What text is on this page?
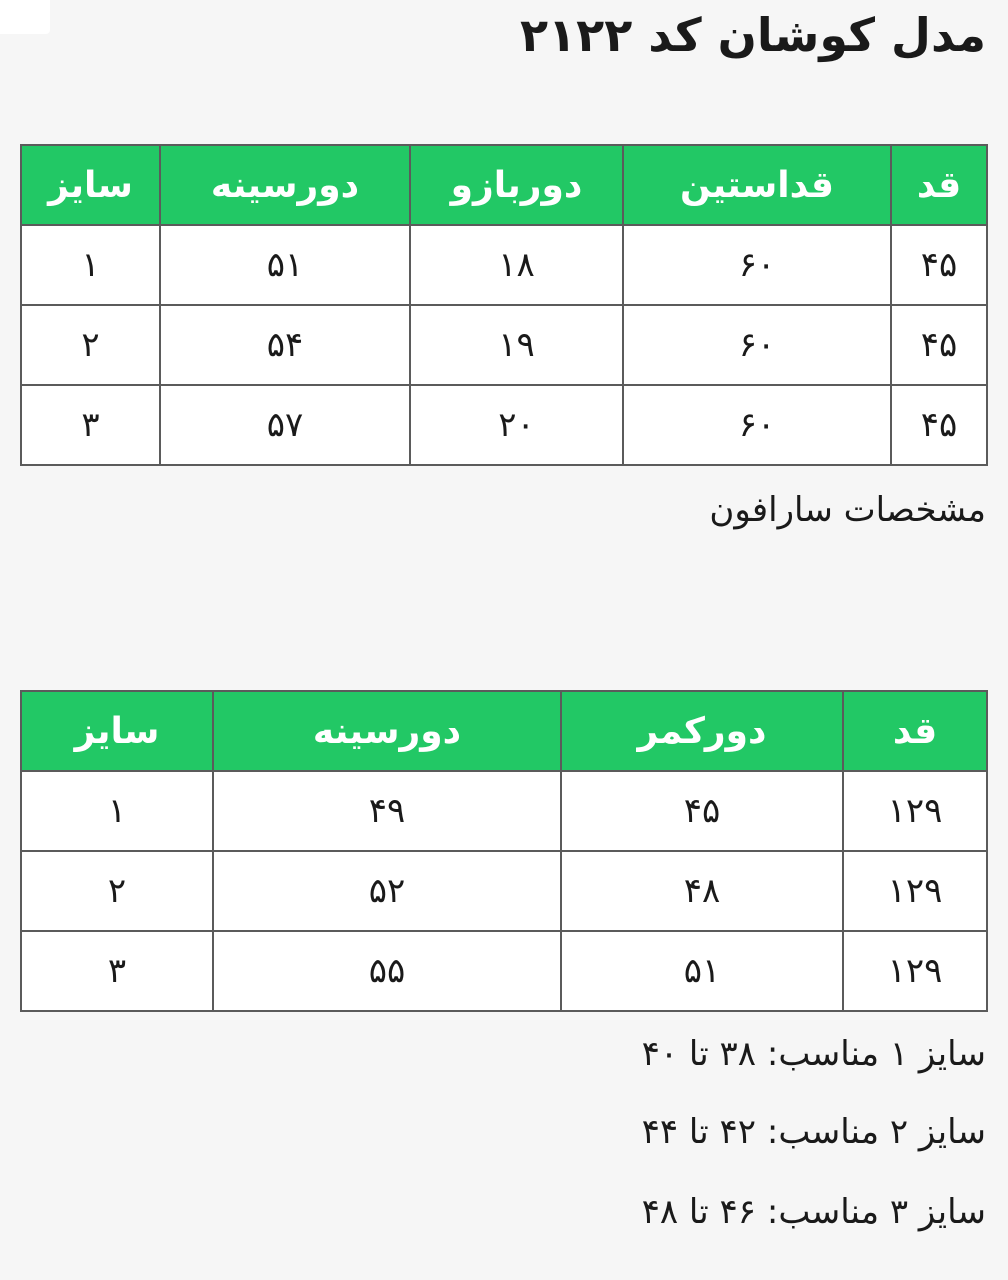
مدل کوشان کد ۲۱۲۲
قد	قداستین	دوربازو	دورسینه	سایز
۴۵	۶۰	۱۸	۵۱	۱
۴۵	۶۰	۱۹	۵۴	۲
۴۵	۶۰	۲۰	۵۷	۳

مشخصات سارافون

قد	دورکمر	دورسینه	سایز
۱۲۹	۴۵	۴۹	۱
۱۲۹	۴۸	۵۲	۲
۱۲۹	۵۱	۵۵	۳

سایز ۱ مناسب: ۳۸ تا ۴۰

سایز ۲ مناسب: ۴۲ تا ۴۴

سایز ۳ مناسب: ۴۶ تا ۴۸
